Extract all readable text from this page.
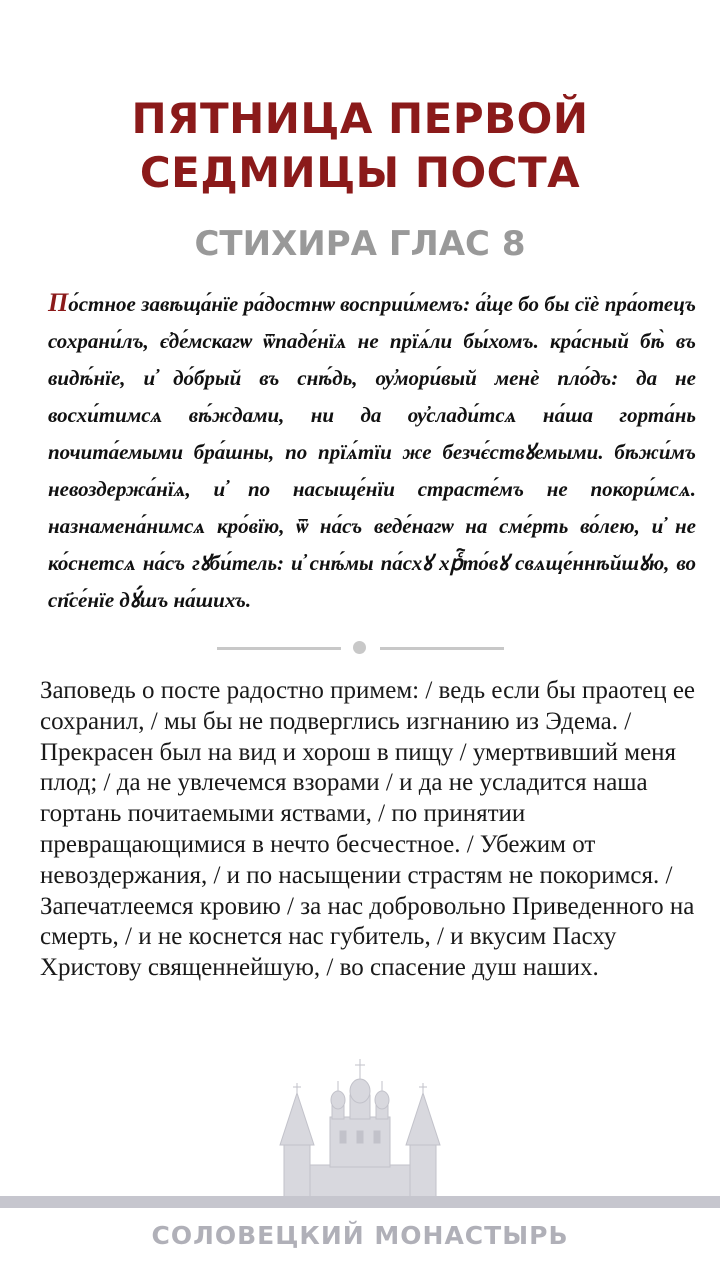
ПЯТНИЦА ПЕРВОЙ
СЕДМИЦЫ ПОСТА
СТИХИРА ГЛАС 8

По́стное завѣща́нїе ра́достнѡ восприи́мемъ: а҆́ще бо бы сїѐ пра́отецъ сохрани́лъ, є҆де́мскагѡ ѿпаде́нїѧ не прїѧ́ли бы́хомъ. кра́сный бѣ̀ въ видѣ́нїе, и҆ до́брый въ снѣ́дь, ѹ҆мори́вый менѐ пло́дъ: да не восхи́тимсѧ вѣ́ждами, ни да ѹ҆слади́тсѧ на́ша горта́нь почита́емыми бра́шны, по прїѧ́тїи же безчє́ствꙋемыми. бѣжи́мъ невоздержа́нїѧ, и҆ по насыще́нїи страсте́мъ не покори́мсѧ. назнамена́нимсѧ кро́вїю, ѿ на́съ веде́нагѡ на сме́рть во́лею, и҆ не ко́снетсѧ на́съ гꙋби́тель: и҆ снѣ́мы па́схꙋ хрⷭ҇то́вꙋ свѧще́ннѣйшꙋю, во сп҃се́нїе дꙋ́шъ на́шихъ.

Заповедь о посте радостно примем: / ведь если бы праотец ее сохранил, / мы бы не подверглись изгнанию из Эдема. / Прекрасен был на вид и хорош в пищу / умертвивший меня плод; / да не увлечемся взорами / и да не усладится наша гортань почитаемыми яствами, / по принятии превращающимися в нечто бесчестное. / Убежим от невоздержания, / и по насыщении страстям не покоримся. / Запечатлеемся кровию / за нас добровольно Приведенного на смерть, / и не коснется нас губитель, / и вкусим Пасху Христову священнейшую, / во спасение душ наших.

СОЛОВЕЦКИЙ МОНАСТЫРЬ
